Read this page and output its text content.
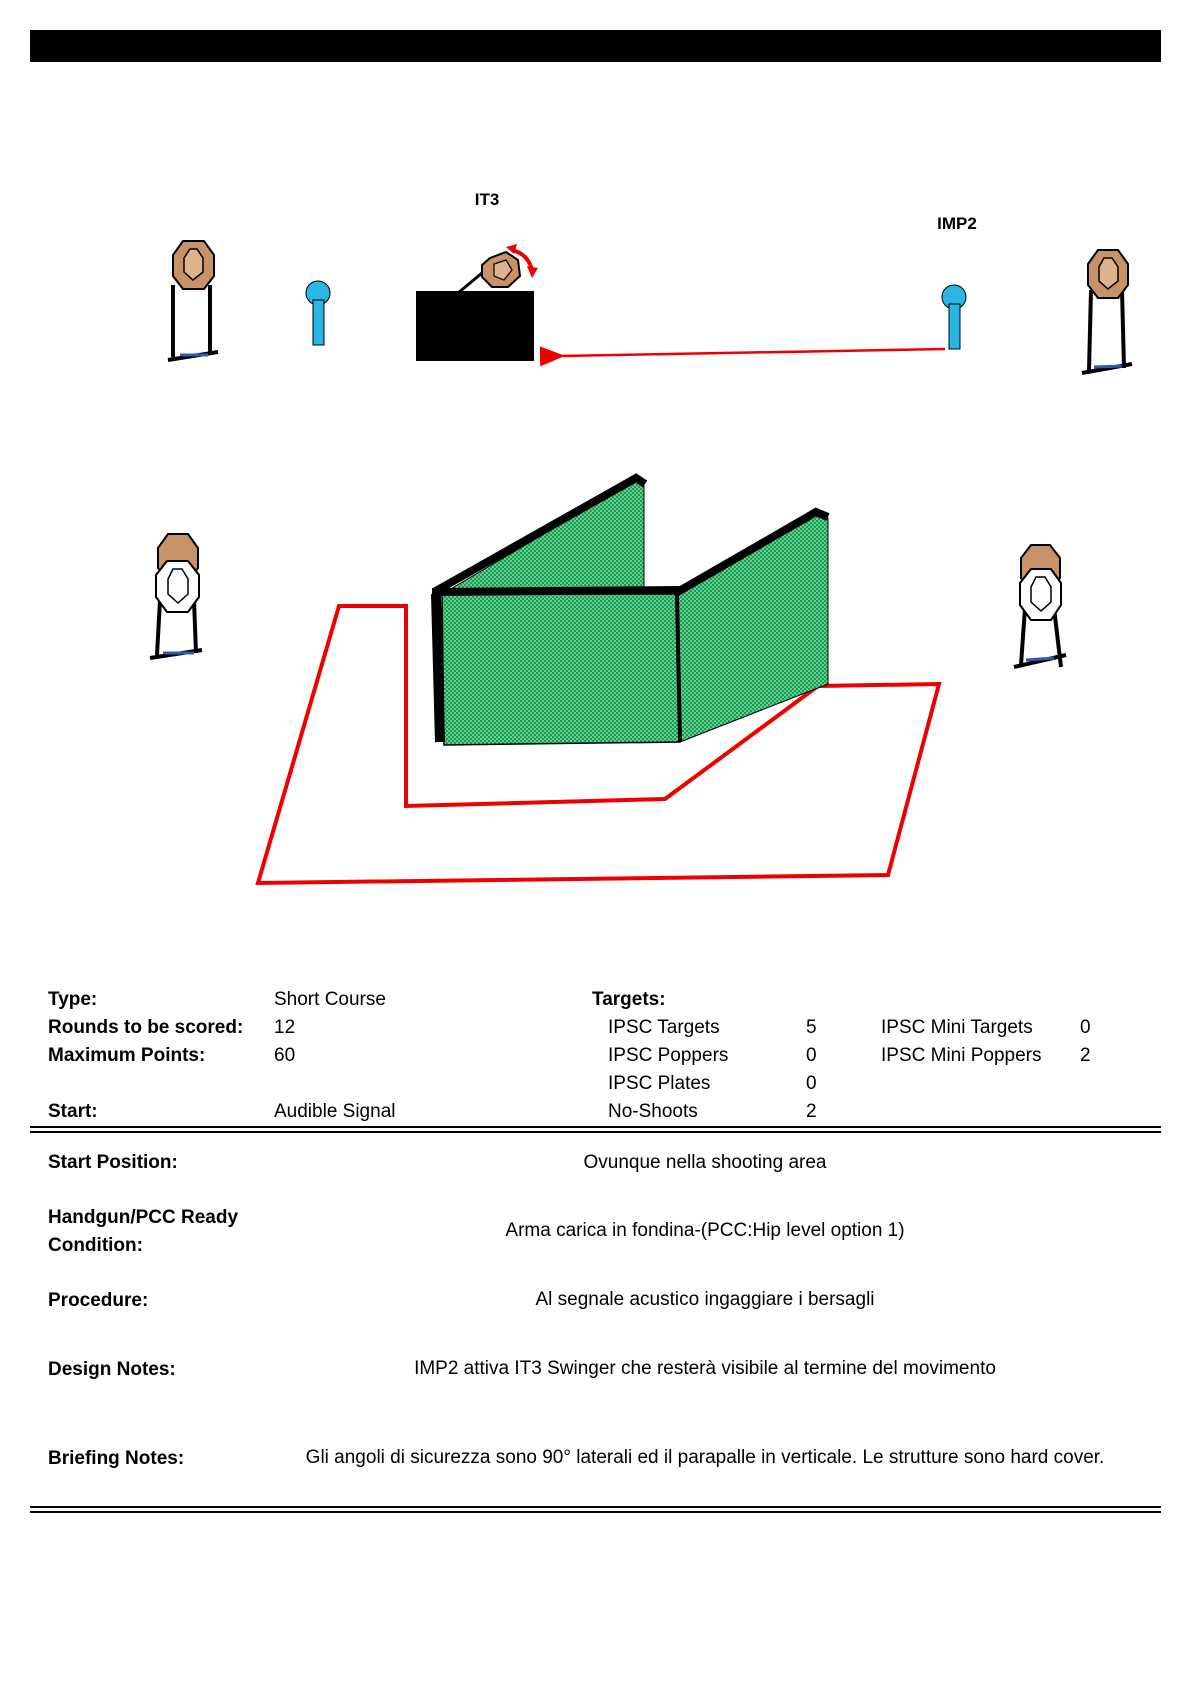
IT3
IMP2
Type:	Short Course
Rounds to be scored: 12
Maximum Points:	60
Start:	Audible Signal
Targets:
IPSC Targets	5
IPSC Poppers	0
IPSC Plates	0
No-Shoots	2
IPSC Mini Targets 0
IPSC Mini Poppers 2
Start Position:	Ovunque nella shooting area
Handgun/PCC Ready
Condition:
Arma carica in fondina-(PCC:Hip level option 1)
Procedure:	Al segnale acustico ingaggiare i bersagli
Design Notes:	IMP2 attiva IT3 Swinger che resterà visibile al termine del movimento
Briefing Notes:	Gli angoli di sicurezza sono 90° laterali ed il parapalle in verticale. Le strutture sono hard cover.
